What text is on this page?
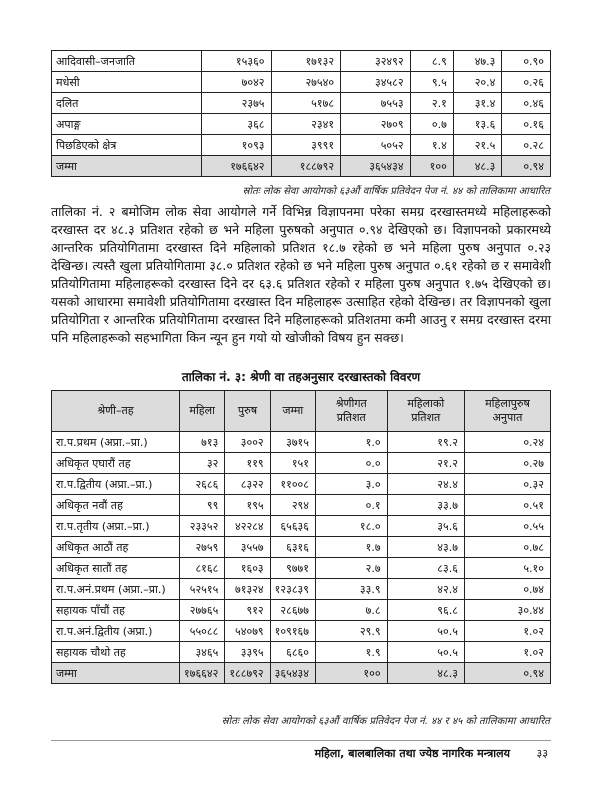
आदिवासी–जनजाति	१५३६०	१७१३२	३२४९२	८.९	४७.३	०.९०
मधेसी	७०४२	२७५४०	३४५८२	९.५	२०.४	०.२६
दलित	२३७५	५१७८	७५५३	२.१	३१.४	०.४६
अपाङ्ग	३६८	२३४१	२७०९	०.७	१३.६	०.१६
पिछडिएको क्षेत्र	१०९३	३९९१	५०५२	१.४	२१.५	०.२८
जम्मा	१७६६४२	१८८७९२	३६५४३४	१००	४८.३	०.९४
स्रोतः लोक सेवा आयोगको ६३औं वार्षिक प्रतिवेदन पेज नं. ४४ को तालिकामा आधारित
तालिका नं. २ बमोजिम लोक सेवा आयोगले गर्ने विभिन्न विज्ञापनमा परेका समग्र दरखास्तमध्ये महिलाहरूको दरखास्त दर ४८.३ प्रतिशत रहेको छ भने महिला पुरुषको अनुपात ०.९४ देखिएको छ। विज्ञापनको प्रकारमध्ये आन्तरिक प्रतियोगितामा दरखास्त दिने महिलाको प्रतिशत १८.७ रहेको छ भने महिला पुरुष अनुपात ०.२३ देखिन्छ। त्यस्तै खुला प्रतियोगितामा ३८.० प्रतिशत रहेको छ भने महिला पुरुष अनुपात ०.६१ रहेको छ र समावेशी प्रतियोगितामा महिलाहरूको दरखास्त दिने दर ६३.६ प्रतिशत रहेको र महिला पुरुष अनुपात १.७५ देखिएको छ। यसको आधारमा समावेशी प्रतियोगितामा दरखास्त दिन महिलाहरू उत्साहित रहेको देखिन्छ। तर विज्ञापनको खुला प्रतियोगिता र आन्तरिक प्रतियोगितामा दरखास्त दिने महिलाहरूको प्रतिशतमा कमी आउनु र समग्र दरखास्त दरमा पनि महिलाहरूको सहभागिता किन न्यून हुन गयो यो खोजीको विषय हुन सक्छ।
तालिका नं. ३: श्रेणी वा तहअनुसार दरखास्तको विवरण
श्रेणी–तह	महिला	पुरुष	जम्मा	श्रेणीगत प्रतिशत	महिलाको प्रतिशत	महिलापुरुष अनुपात
रा.प.प्रथम (अप्रा.–प्रा.)	७१३	३००२	३७१५	१.०	१९.२	०.२४
अधिकृत एघारौं तह	३२	११९	१५१	०.०	२१.२	०.२७
रा.प.द्वितीय (अप्रा.–प्रा.)	२६८६	८३२२	११००८	३.०	२४.४	०.३२
अधिकृत नवौं तह	९९	१९५	२९४	०.१	३३.७	०.५१
रा.प.तृतीय (अप्रा.–प्रा.)	२३३५२	४२२८४	६५६३६	१८.०	३५.६	०.५५
अधिकृत आठौं तह	२७५९	३५५७	६३१६	१.७	४३.७	०.७८
अधिकृत सातौं तह	८१६८	१६०३	९७७१	२.७	८३.६	५.१०
रा.प.अनं.प्रथम (अप्रा.–प्रा.)	५२५१५	७१३२४	१२३८३९	३३.९	४२.४	०.७४
सहायक पाँचौं तह	२७७६५	९१२	२८६७७	७.८	९६.८	३०.४४
रा.प.अनं.द्वितीय (अप्रा.)	५५०८८	५४०७९	१०९१६७	२९.९	५०.५	१.०२
सहायक चौथो तह	३४६५	३३९५	६८६०	१.९	५०.५	१.०२
जम्मा	१७६६४२	१८८७९२	३६५४३४	१००	४८.३	०.९४
स्रोतः लोक सेवा आयोगको ६३औं वार्षिक प्रतिवेदन पेज नं. ४४ र ४५ को तालिकामा आधारित
महिला, बालबालिका तथा ज्येष्ठ नागरिक मन्त्रालय ३३
